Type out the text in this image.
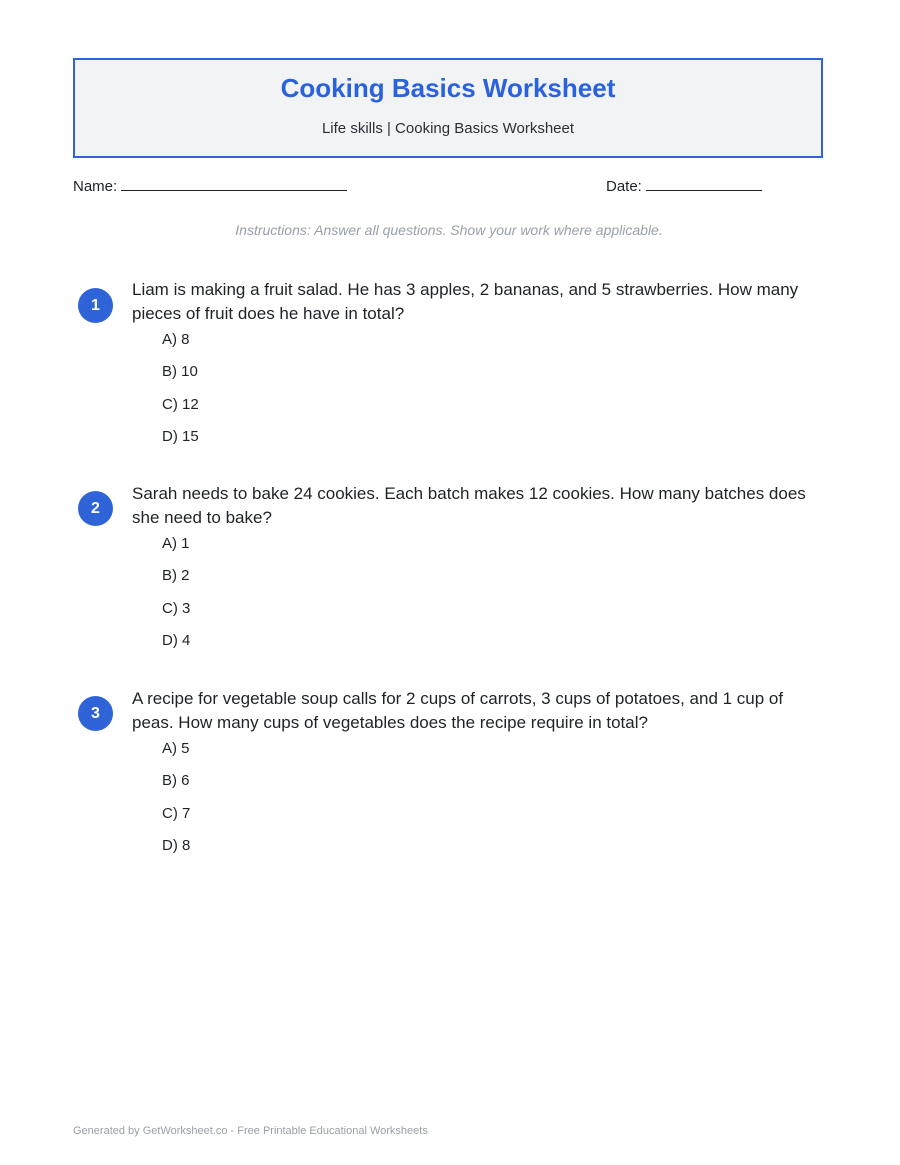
Cooking Basics Worksheet
Life skills | Cooking Basics Worksheet
Name:	Date:
Instructions: Answer all questions. Show your work where applicable.
1
Liam is making a fruit salad. He has 3 apples, 2 bananas, and 5 strawberries. How many pieces of fruit does he have in total?
A) 8
B) 10
C) 12
D) 15
2
Sarah needs to bake 24 cookies. Each batch makes 12 cookies. How many batches does she need to bake?
A) 1
B) 2
C) 3
D) 4
3
A recipe for vegetable soup calls for 2 cups of carrots, 3 cups of potatoes, and 1 cup of peas. How many cups of vegetables does the recipe require in total?
A) 5
B) 6
C) 7
D) 8
Generated by GetWorksheet.co - Free Printable Educational Worksheets
